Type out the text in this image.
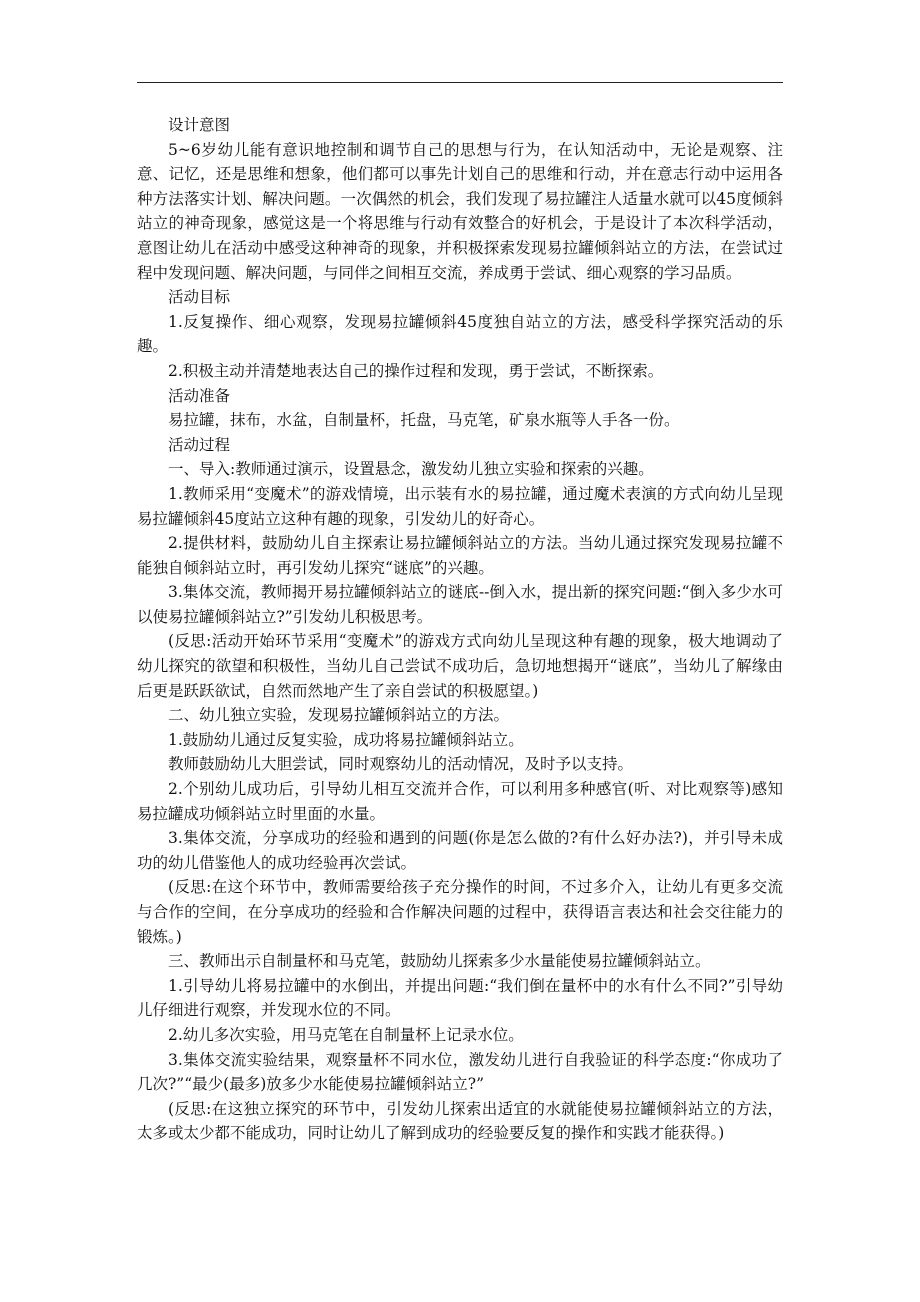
设计意图

5~6岁幼儿能有意识地控制和调节自己的思想与行为，在认知活动中，无论是观察、注意、记忆，还是思维和想象，他们都可以事先计划自己的思维和行动，并在意志行动中运用各种方法落实计划、解决问题。一次偶然的机会，我们发现了易拉罐注人适量水就可以45度倾斜站立的神奇现象，感觉这是一个将思维与行动有效整合的好机会，于是设计了本次科学活动，意图让幼儿在活动中感受这种神奇的现象，并积极探索发现易拉罐倾斜站立的方法，在尝试过程中发现问题、解决问题，与同伴之间相互交流，养成勇于尝试、细心观察的学习品质。

活动目标

1.反复操作、细心观察，发现易拉罐倾斜45度独自站立的方法，感受科学探究活动的乐趣。

2.积极主动并清楚地表达自己的操作过程和发现，勇于尝试，不断探索。

活动准备

易拉罐，抹布，水盆，自制量杯，托盘，马克笔，矿泉水瓶等人手各一份。

活动过程

一、导入:教师通过演示，设置悬念，激发幼儿独立实验和探索的兴趣。

1.教师采用“变魔术”的游戏情境，出示装有水的易拉罐，通过魔术表演的方式向幼儿呈现易拉罐倾斜45度站立这种有趣的现象，引发幼儿的好奇心。

2.提供材料，鼓励幼儿自主探索让易拉罐倾斜站立的方法。当幼儿通过探究发现易拉罐不能独自倾斜站立时，再引发幼儿探究“谜底”的兴趣。

3.集体交流，教师揭开易拉罐倾斜站立的谜底--倒入水，提出新的探究问题:“倒入多少水可以使易拉罐倾斜站立?”引发幼儿积极思考。

(反思:活动开始环节采用“变魔术”的游戏方式向幼儿呈现这种有趣的现象，极大地调动了幼儿探究的欲望和积极性，当幼儿自己尝试不成功后，急切地想揭开“谜底”，当幼儿了解缘由后更是跃跃欲试，自然而然地产生了亲自尝试的积极愿望。)

二、幼儿独立实验，发现易拉罐倾斜站立的方法。

1.鼓励幼儿通过反复实验，成功将易拉罐倾斜站立。

教师鼓励幼儿大胆尝试，同时观察幼儿的活动情况，及时予以支持。

2.个别幼儿成功后，引导幼儿相互交流并合作，可以利用多种感官(听、对比观察等)感知易拉罐成功倾斜站立时里面的水量。

3.集体交流，分享成功的经验和遇到的问题(你是怎么做的?有什么好办法?)，并引导未成功的幼儿借鉴他人的成功经验再次尝试。

(反思:在这个环节中，教师需要给孩子充分操作的时间，不过多介入，让幼儿有更多交流与合作的空间，在分享成功的经验和合作解决问题的过程中，获得语言表达和社会交往能力的锻炼。)

三、教师出示自制量杯和马克笔，鼓励幼儿探索多少水量能使易拉罐倾斜站立。

1.引导幼儿将易拉罐中的水倒出，并提出问题:“我们倒在量杯中的水有什么不同?”引导幼儿仔细进行观察，并发现水位的不同。

2.幼儿多次实验，用马克笔在自制量杯上记录水位。

3.集体交流实验结果，观察量杯不同水位，激发幼儿进行自我验证的科学态度:“你成功了几次?”“最少(最多)放多少水能使易拉罐倾斜站立?”

(反思:在这独立探究的环节中，引发幼儿探索出适宜的水就能使易拉罐倾斜站立的方法，太多或太少都不能成功，同时让幼儿了解到成功的经验要反复的操作和实践才能获得。)
